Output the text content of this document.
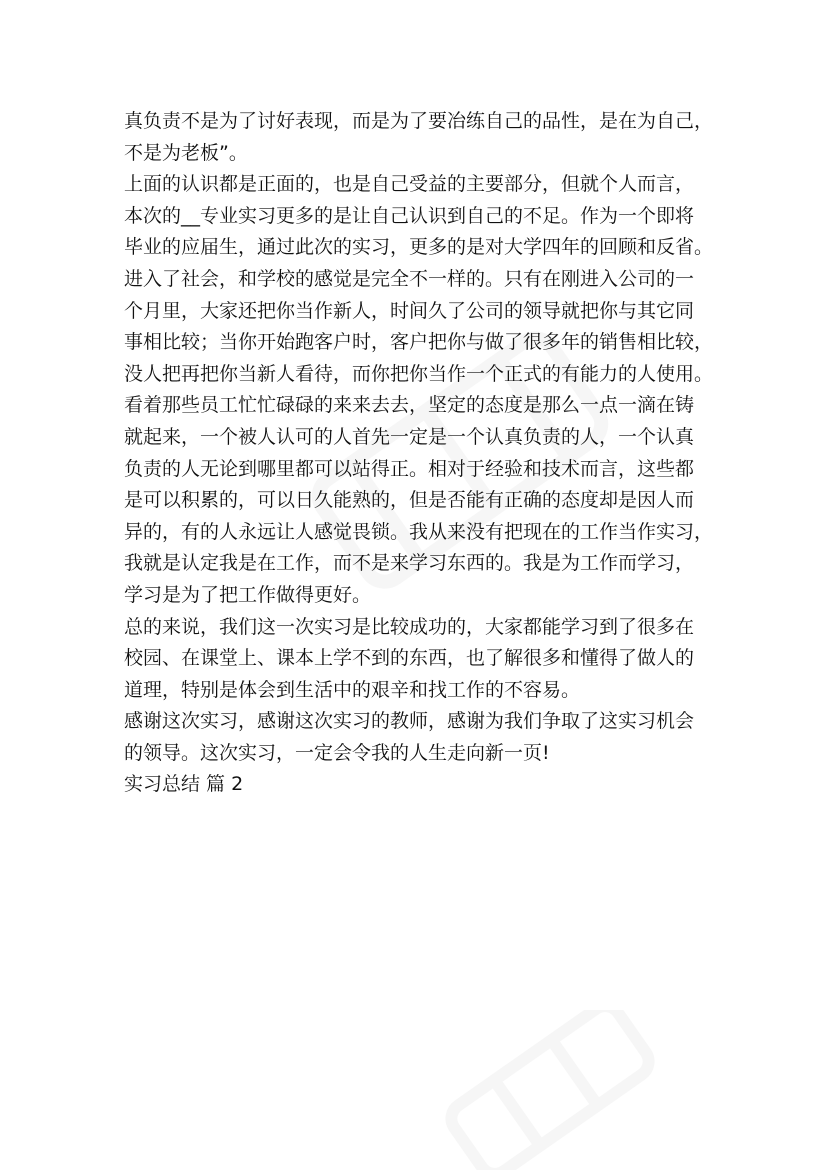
真负责不是为了讨好表现，而是为了要冶练自己的品性，是在为自己，
不是为老板”。
上面的认识都是正面的，也是自己受益的主要部分，但就个人而言，
本次的__专业实习更多的是让自己认识到自己的不足。作为一个即将
毕业的应届生，通过此次的实习，更多的是对大学四年的回顾和反省。
进入了社会，和学校的感觉是完全不一样的。只有在刚进入公司的一
个月里，大家还把你当作新人，时间久了公司的领导就把你与其它同
事相比较；当你开始跑客户时，客户把你与做了很多年的销售相比较，
没人把再把你当新人看待，而你把你当作一个正式的有能力的人使用。
看着那些员工忙忙碌碌的来来去去，坚定的态度是那么一点一滴在铸
就起来，一个被人认可的人首先一定是一个认真负责的人，一个认真
负责的人无论到哪里都可以站得正。相对于经验和技术而言，这些都
是可以积累的，可以日久能熟的，但是否能有正确的态度却是因人而
异的，有的人永远让人感觉畏锁。我从来没有把现在的工作当作实习，
我就是认定我是在工作，而不是来学习东西的。我是为工作而学习，
学习是为了把工作做得更好。
总的来说，我们这一次实习是比较成功的，大家都能学习到了很多在
校园、在课堂上、课本上学不到的东西，也了解很多和懂得了做人的
道理，特别是体会到生活中的艰辛和找工作的不容易。
感谢这次实习，感谢这次实习的教师，感谢为我们争取了这实习机会
的领导。这次实习，一定会令我的人生走向新一页!
实习总结 篇 2
